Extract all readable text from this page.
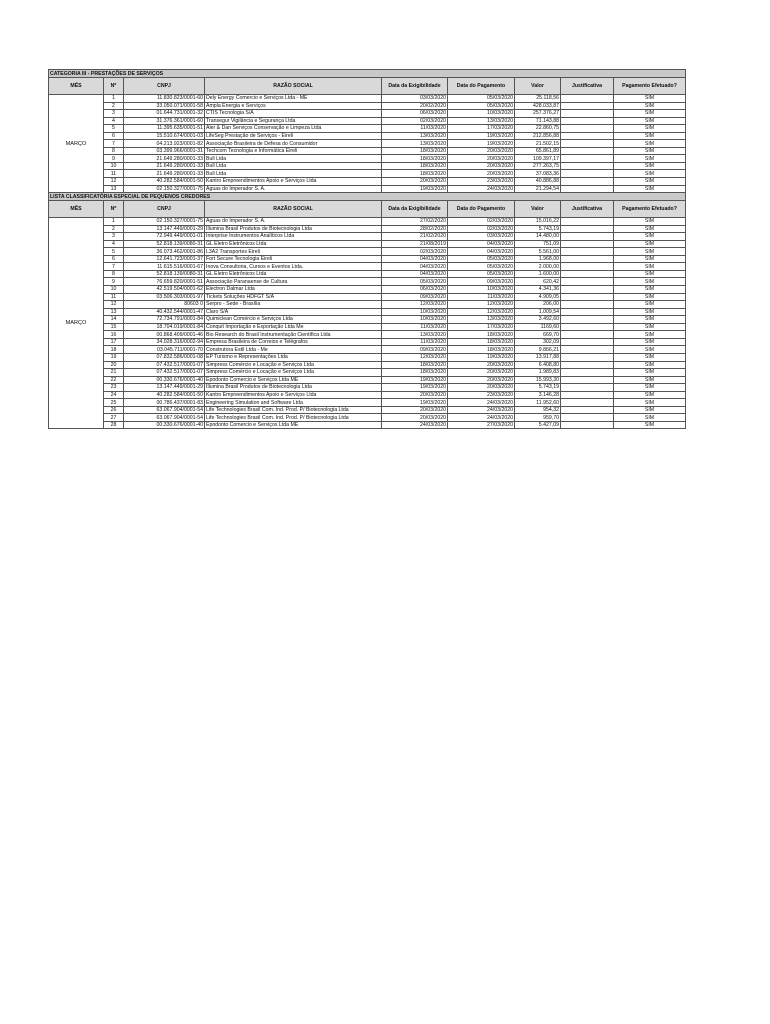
CATEGORIA III - PRESTAÇÕES DE SERVIÇOS								
MÊS	Nº	CNPJ	RAZÃO SOCIAL	Data da Exigibilidade	Data do Pagamento	Valor	Justificativa	Pagamento Efetuado?
MARÇO	1	11.830.823/0001-60	Dely Energy Comercio e Serviços Ltda - ME	03/03/2020	05/03/2020	25.118,56		SIM
	2	33.050.071/0001-58	Ampla Energia e Serviços	20/02/2020	05/03/2020	428.033,87		SIM
	3	01.644.731/0001-32	CTIS Tecnologia S/A	06/03/2020	10/03/2020	257.376,27		SIM
	4	31.376.361/0001-60	Transegur Vigilância e Segurança Ltda	02/03/2020	13/03/2020	71.143,88		SIM
	5	11.395.635/0001-51	Aler & Dan Serviços Conservação e Limpeza Ltda	11/03/2020	17/03/2020	22.860,75		SIM
	6	15.510.674/0001-03	LifeSeg Prestação de Serviços - Eireli	13/03/2020	19/03/2020	212.856,88		SIM
	7	04.213.923/0001-82	Associação Brasileira de Defesa do Consumidor	13/03/2020	19/03/2020	21.502,15		SIM
	8	03.399.966/0001-31	Techcom Tecnologia e Informática Eireli	18/03/2020	20/03/2020	65.861,89		SIM
	9	21.649.280/0001-33	Bull Ltda	18/03/2020	20/03/2020	109.397,17		SIM
	10	21.649.280/0001-33	Bull Ltda	18/03/2020	20/03/2020	277.263,75		SIM
	11	21.649.280/0001-33	Bull Ltda	18/03/2020	20/03/2020	37.083,36		SIM
	12	40.282.584/0001-50	Kantro Empreendimentos Apoio e Serviços Ltda	20/03/2020	23/03/2020	40.886,88		SIM
	13	02.150.327/0001-75	Águas do Imperador S. A.	19/03/2020	24/03/2020	21.294,54		SIM
LISTA CLASSIFICATÓRIA ESPECIAL DE PEQUENOS CREDORES								
MÊS	Nº	CNPJ	RAZÃO SOCIAL	Data da Exigibilidade	Data do Pagamento	Valor	Justificativa	Pagamento Efetuado?
MARÇO	1	02.150.327/0001-75	Águas do Imperador S. A.	27/02/2020	02/03/2020	15.016,22		SIM
	2	13.147.449/0001-29	Illumina Brasil Produtos de Biotecnologia Ltda	28/02/2020	02/03/2020	5.743,19		SIM
	3	72.949.449/0001-01	Interprise Instrumentos Analíticos Ltda	21/02/2020	03/03/2020	14.480,00		SIM
	4	52.818.139/0080-31	GL Eletro Eletrônicos Ltda	21/08/2019	04/03/2020	751,09		SIM
	5	36.073.462/0001-86	L3A2 Transportes Eireli	02/03/2020	04/03/2020	5.561,00		SIM
	6	12.641.723/0001-37	Fort Secure Tecnologia Eireli	04/03/2020	05/03/2020	1.968,00		SIM
	7	11.615.516/0001-67	Inova Consultoria, Cursos e Eventos Ltda.	04/03/2020	05/03/2020	2.000,00		SIM
	8	52.818.139/0080-31	GL Eletro Eletrônicos Ltda	04/03/2020	05/03/2020	1.600,00		SIM
	9	76.659.820/0001-51	Associação Paranaense de Cultura	05/03/2020	09/03/2020	620,42		SIM
	10	42.519.504/0001-62	Electron Dalmar Ltda	06/03/2020	10/03/2020	4.341,36		SIM
	11	03.506.303/0001-97	Tickets Soluções HDFGT S/A	09/03/2020	11/03/2020	4.909,05		SIM
	12	80603 0	Serpro - Sede - Brasília	12/03/2020	12/03/2020	206,00		SIM
	13	40.432.544/0001-47	Claro S/A	10/03/2020	12/03/2020	1.009,54		SIM
	14	72.734.791/0001-84	Quimiclean Comércio e Serviços Ltda	10/03/2020	13/03/2020	3.492,60		SIM
	15	18.704.019/0001-84	Conquit Importação e Exportação Ltda Me	11/03/2020	17/03/2020	1169,60		SIM
	16	00.868.409/0001-46	Bio Research do Brasil Instrumentação Científica Ltda	13/03/2020	18/03/2020	669,70		SIM
	17	34.028.316/0002-94	Empresa Brasileira de Correios e Telégrafos	11/03/2020	18/03/2020	302,09		SIM
	18	03.045.711/0001-70	Construtora Estil Ltda - Me	09/03/2020	18/03/2020	9.866,21		SIM
	19	07.832.586/0001-08	EP Turismo e Representações Ltda	12/03/2020	19/03/2020	13.917,88		SIM
	20	07.432.517/0001-07	Simpress Comércio e Locação e Serviços Ltda	18/03/2020	20/03/2020	6.408,80		SIM
	21	07.432.517/0001-07	Simpress Comércio e Locação e Serviços Ltda	18/03/2020	20/03/2020	1.989,83		SIM
	22	00.330.676/0001-40	Epodonto Comercio e Serviços Ltda ME	19/03/2020	20/03/2020	15.993,30		SIM
	23	13.147.449/0001-29	Illumina Brasil Produtos de Biotecnologia Ltda	19/03/2020	20/03/2020	5.743,19		SIM
	24	40.282.584/0001-50	Kantro Empreendimentos Apoio e Serviços Ltda	20/03/2020	23/03/2020	3.146,28		SIM
	25	00.786.437/0001-83	Engineering Simulation and Software Ltda	19/03/2020	24/03/2020	11.952,60		SIM
	26	63.067.904/0001-54	Life Technologies Brasil Com. Ind. Prod. P/ Biotecnologia Ltda	20/03/2020	24/03/2020	954,32		SIM
	27	63.067.904/0001-54	Life Technologies Brasil Com. Ind. Prod. P/ Biotecnologia Ltda	20/03/2020	24/03/2020	959,70		SIM
	28	00.330.676/0001-40	Epodonto Comercio e Serviços Ltda ME	24/03/2020	27/03/2020	5.427,09		SIM
